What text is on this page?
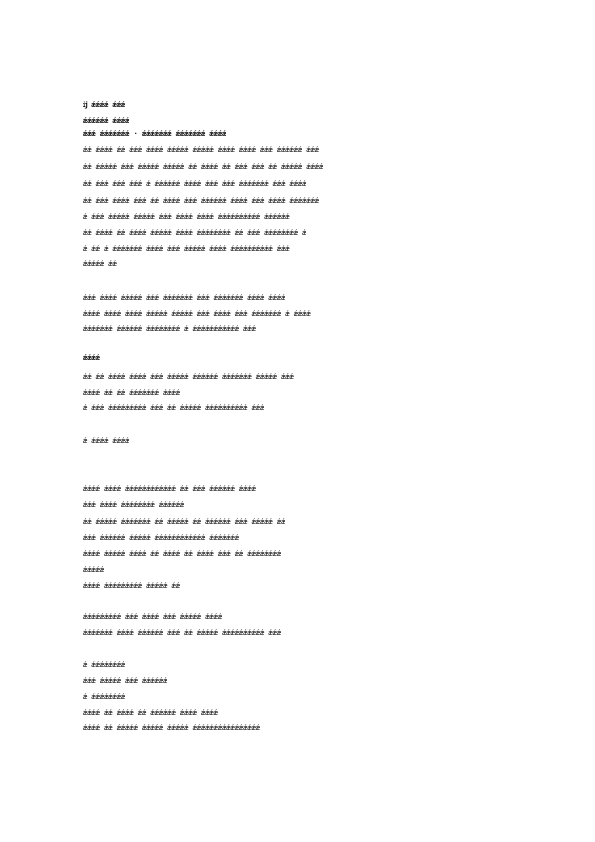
ĳ ǽǽǽǽ ǽǽǽ
ǽǽǽǽǽǽ ǽǽǽǽ
ǽǽǽ ǽǽǽǽǽǽǽ · ǽǽǽǽǽǽǽ ǽǽǽǽǽǽǽ ǽǽǽǽ
ǽǽ ǽǽǽǽ ǽǽ ǽǽǽ ǽǽǽǽ ǽǽǽǽǽ ǽǽǽǽǽ ǽǽǽǽ ǽǽǽǽ ǽǽǽ ǽǽǽǽǽǽ ǽǽǽ
ǽǽ ǽǽǽǽǽ ǽǽǽ ǽǽǽǽǽ ǽǽǽǽǽ ǽǽ ǽǽǽǽ ǽǽ ǽǽǽ ǽǽǽ ǽǽ ǽǽǽǽǽ ǽǽǽǽ
ǽǽ ǽǽǽ ǽǽǽ ǽǽǽ ǽ ǽǽǽǽǽǽ ǽǽǽǽ ǽǽǽ ǽǽǽ ǽǽǽǽǽǽǽ ǽǽǽ ǽǽǽǽ
ǽǽ ǽǽǽ ǽǽǽǽ ǽǽǽ ǽǽ ǽǽǽǽ ǽǽǽ ǽǽǽǽǽǽ ǽǽǽǽ ǽǽǽ ǽǽǽǽ ǽǽǽǽǽǽǽ
ǽ ǽǽǽ ǽǽǽǽǽ ǽǽǽǽǽ ǽǽǽ ǽǽǽǽ ǽǽǽǽ ǽǽǽǽǽǽǽǽǽǽ ǽǽǽǽǽǽ
ǽǽ ǽǽǽǽ ǽǽ ǽǽǽǽ ǽǽǽǽǽ ǽǽǽǽ ǽǽǽǽǽǽǽǽ ǽǽ ǽǽǽ ǽǽǽǽǽǽǽǽ ǽ
ǽ ǽǽ ǽ ǽǽǽǽǽǽǽ ǽǽǽǽ ǽǽǽ ǽǽǽǽǽ ǽǽǽǽ ǽǽǽǽǽǽǽǽǽǽ ǽǽǽ
ǽǽǽǽǽ ǽǽ
ǽǽǽ ǽǽǽǽ ǽǽǽǽǽ ǽǽǽ ǽǽǽǽǽǽǽ ǽǽǽ ǽǽǽǽǽǽǽ ǽǽǽǽ ǽǽǽǽ
ǽǽǽǽ ǽǽǽǽ ǽǽǽǽ ǽǽǽǽǽ ǽǽǽǽǽ ǽǽǽ ǽǽǽǽ ǽǽǽ ǽǽǽǽǽǽǽ ǽ ǽǽǽǽ
ǽǽǽǽǽǽǽ ǽǽǽǽǽǽ ǽǽǽǽǽǽǽǽ ǽ ǽǽǽǽǽǽǽǽǽǽǽ ǽǽǽ
ǽǽǽǽ
ǽǽ ǽǽ ǽǽǽǽ ǽǽǽǽ ǽǽǽ ǽǽǽǽǽ ǽǽǽǽǽǽ ǽǽǽǽǽǽǽ ǽǽǽǽǽ ǽǽǽ
ǽǽǽǽ ǽǽ ǽǽ ǽǽǽǽǽǽǽ ǽǽǽǽ
ǽ ǽǽǽ ǽǽǽǽǽǽǽǽǽ ǽǽǽ ǽǽ ǽǽǽǽǽ ǽǽǽǽǽǽǽǽǽǽ ǽǽǽ
ǽ ǽǽǽǽ ǽǽǽǽ
ǽǽǽǽ ǽǽǽǽ ǽǽǽǽǽǽǽǽǽǽǽǽ ǽǽ ǽǽǽ ǽǽǽǽǽǽ ǽǽǽǽ
ǽǽǽ ǽǽǽǽ ǽǽǽǽǽǽǽǽ ǽǽǽǽǽǽ
ǽǽ ǽǽǽǽǽ ǽǽǽǽǽǽǽ ǽǽ ǽǽǽǽǽ ǽǽ ǽǽǽǽǽǽ ǽǽǽ ǽǽǽǽǽ ǽǽ
ǽǽǽ ǽǽǽǽǽǽ ǽǽǽǽǽ ǽǽǽǽǽǽǽǽǽǽǽǽ ǽǽǽǽǽǽǽ
ǽǽǽǽ ǽǽǽǽǽ ǽǽǽǽ ǽǽ ǽǽǽǽ ǽǽ ǽǽǽǽ ǽǽǽ ǽǽ ǽǽǽǽǽǽǽǽ
ǽǽǽǽǽ
ǽǽǽǽ ǽǽǽǽǽǽǽǽǽ ǽǽǽǽǽ ǽǽ
ǽǽǽǽǽǽǽǽǽ ǽǽǽ ǽǽǽǽ ǽǽǽ ǽǽǽǽǽ ǽǽǽǽ
ǽǽǽǽǽǽǽ ǽǽǽǽ ǽǽǽǽǽǽ ǽǽǽ ǽǽ ǽǽǽǽǽ ǽǽǽǽǽǽǽǽǽǽ ǽǽǽ
ǽ ǽǽǽǽǽǽǽǽ
ǽǽǽ ǽǽǽǽǽ ǽǽǽ ǽǽǽǽǽǽ
ǽ ǽǽǽǽǽǽǽǽ
ǽǽǽǽ ǽǽ ǽǽǽǽ ǽǽ ǽǽǽǽǽǽ ǽǽǽǽ ǽǽǽǽ
ǽǽǽǽ ǽǽ ǽǽǽǽǽ ǽǽǽǽǽ ǽǽǽǽǽ ǽǽǽǽǽǽǽǽǽǽǽǽǽǽǽǽ
